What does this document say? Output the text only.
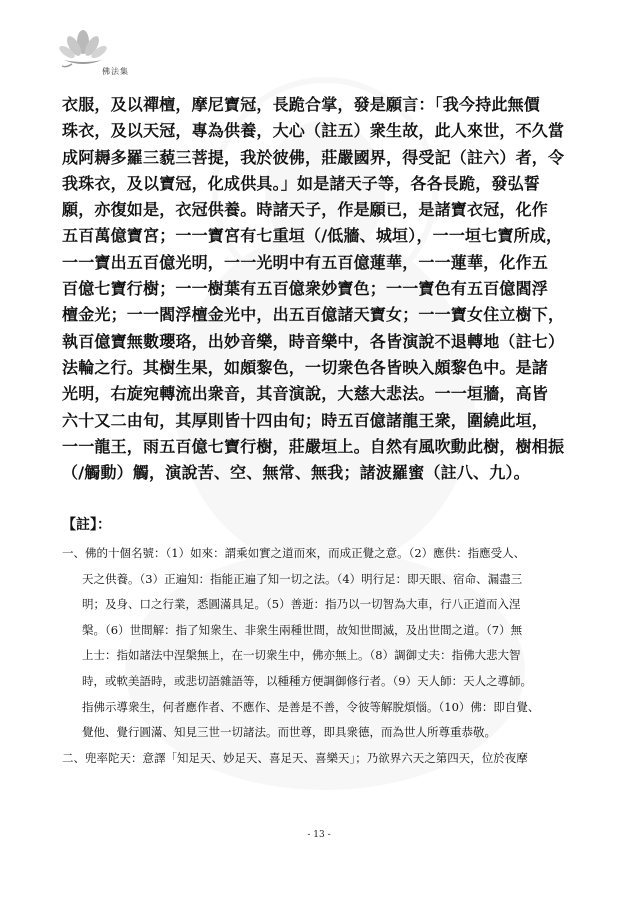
佛法集
衣服，及以禪檀，摩尼寶冠，長跪合掌，發是願言：「我今持此無價
珠衣，及以天冠，專為供養，大心（註五）衆生故，此人來世，不久當
成阿耨多羅三藐三菩提，我於彼佛，莊嚴國界，得受記（註六）者，令
我珠衣，及以寶冠，化成供具。」如是諸天子等，各各長跪，發弘誓
願，亦復如是，衣冠供養。時諸天子，作是願已，是諸寶衣冠，化作
五百萬億寶宮；一一寶宮有七重垣（/低牆、城垣），一一垣七寶所成，
一一寶出五百億光明，一一光明中有五百億蓮華，一一蓮華，化作五
百億七寶行樹；一一樹葉有五百億衆妙寶色；一一寶色有五百億閻浮
檀金光；一一閻浮檀金光中，出五百億諸天寶女；一一寶女住立樹下，
執百億寶無數瓔珞，出妙音樂，時音樂中，各皆演說不退轉地（註七）
法輪之行。其樹生果，如頗黎色，一切衆色各皆映入頗黎色中。是諸
光明，右旋宛轉流出衆音，其音演說，大慈大悲法。一一垣牆，高皆
六十又二由旬，其厚則皆十四由旬；時五百億諸龍王衆，圍繞此垣，
一一龍王，雨五百億七寶行樹，莊嚴垣上。自然有風吹動此樹，樹相振
（/觸動）觸，演說苦、空、無常、無我；諸波羅蜜（註八、九）。
【註】：
一、佛的十個名號：（1）如來：謂乘如實之道而來，而成正覺之意。（2）應供：指應受人、
天之供養。（3）正遍知：指能正遍了知一切之法。（4）明行足：即天眼、宿命、漏盡三
明；及身、口之行業，悉圓滿具足。（5）善逝：指乃以一切智為大車，行八正道而入涅
槃。（6）世間解：指了知衆生、非衆生兩種世間，故知世間滅，及出世間之道。（7）無
上士：指如諸法中涅槃無上，在一切衆生中，佛亦無上。（8）調御丈夫：指佛大悲大智
時，或軟美語時，或悲切語雜語等，以種種方便調御修行者。（9）天人師：天人之導師。
指佛示導衆生，何者應作者、不應作、是善是不善，令彼等解脫煩惱。（10）佛：即自覺、
覺他、覺行圓滿、知見三世一切諸法。而世尊，即具衆德，而為世人所尊重恭敬。
二、兜率陀天：意譯「知足天、妙足天、喜足天、喜樂天」；乃欲界六天之第四天，位於夜摩
- 13 -
